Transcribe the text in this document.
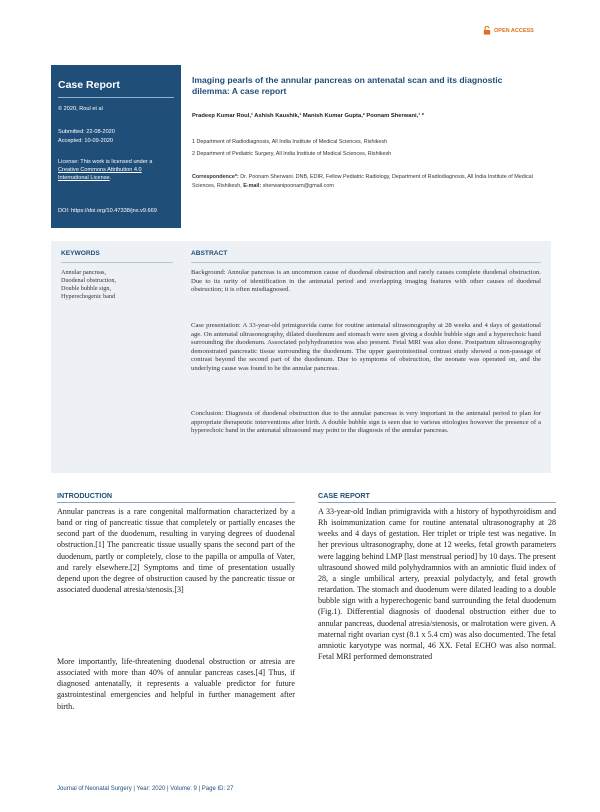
OPEN ACCESS
Case Report
© 2020, Roul et al
Submitted: 22-08-2020
Accepted: 10-09-2020
License: This work is licensed under a
Creative Commons Attribution 4.0
International License.
DOI: https://doi.org/10.47338/jns.v9.669
Imaging pearls of the annular pancreas on antenatal scan and its diagnostic dilemma: A case report
Pradeep Kumar Roul,¹ Ashish Kaushik,¹ Manish Kumar Gupta,² Poonam Sherwani,¹ *
1 Department of Radiodiagnosis, All India Institute of Medical Sciences, Rishikesh
2 Department of Pediatric Surgery, All India Institute of Medical Sciences, Rishikesh
Correspondence*: Dr. Poonam Sherwani. DNB, EDIR, Fellow Pediatric Radiology, Department of Radiodiagnosis, All India Institute of Medical Sciences, Rishikesh, E-mail: sherwanipoonam@gmail.com
KEYWORDS	ABSTRACT
Annular pancreas,
Duodenal obstruction,
Double bubble sign,
Hyperechogenic band
Background: Annular pancreas is an uncommon cause of duodenal obstruction and rarely causes complete duodenal obstruction. Due to its rarity of identification in the antenatal period and overlapping imaging features with other causes of duodenal obstruction; it is often misdiagnosed.
Case presentation: A 33-year-old primigravida came for routine antenatal ultrasonography at 28 weeks and 4 days of gestational age. On antenatal ultrasonography, dilated duodenum and stomach were seen giving a double bubble sign and a hyperechoic band surrounding the duodenum. Associated polyhydramnios was also present. Fetal MRI was also done. Postpartum ultrasonography demonstrated pancreatic tissue surrounding the duodenum. The upper gastrointestinal contrast study showed a non-passage of contrast beyond the second part of the duodenum. Due to symptoms of obstruction, the neonate was operated on, and the underlying cause was found to be the annular pancreas.
Conclusion: Diagnosis of duodenal obstruction due to the annular pancreas is very important in the antenatal period to plan for appropriate therapeutic interventions after birth. A double bubble sign is seen due to various etiologies however the presence of a hyperechoic band in the antenatal ultrasound may point to the diagnosis of the annular pancreas.
INTRODUCTION
Annular pancreas is a rare congenital malformation characterized by a band or ring of pancreatic tissue that completely or partially encases the second part of the duodenum, resulting in varying degrees of duodenal obstruction.[1] The pancreatic tissue usually spans the second part of the duodenum, partly or completely, close to the papilla or ampulla of Vater, and rarely elsewhere.[2] Symptoms and time of presentation usually depend upon the degree of obstruction caused by the pancreatic tissue or associated duodenal atresia/stenosis.[3]
More importantly, life-threatening duodenal obstruction or atresia are associated with more than 40% of annular pancreas cases.[4] Thus, if diagnosed antenatally, it represents a valuable predictor for future gastrointestinal emergencies and helpful in further management after birth.
CASE REPORT
A 33-year-old Indian primigravida with a history of hypothyroidism and Rh isoimmunization came for routine antenatal ultrasonography at 28 weeks and 4 days of gestation. Her triplet or triple test was negative. In her previous ultrasonography, done at 12 weeks, fetal growth parameters were lagging behind LMP [last menstrual period] by 10 days. The present ultrasound showed mild polyhydramnios with an amniotic fluid index of 28, a single umbilical artery, preaxial polydactyly, and fetal growth retardation. The stomach and duodenum were dilated leading to a double bubble sign with a hyperechogenic band surrounding the fetal duodenum (Fig.1). Differential diagnosis of duodenal obstruction either due to annular pancreas, duodenal atresia/stenosis, or malrotation were given. A maternal right ovarian cyst (8.1 x 5.4 cm) was also documented. The fetal amniotic karyotype was normal, 46 XX. Fetal ECHO was also normal. Fetal MRI performed demonstrated
Journal of Neonatal Surgery | Year: 2020 | Volume: 9 | Page ID: 27
